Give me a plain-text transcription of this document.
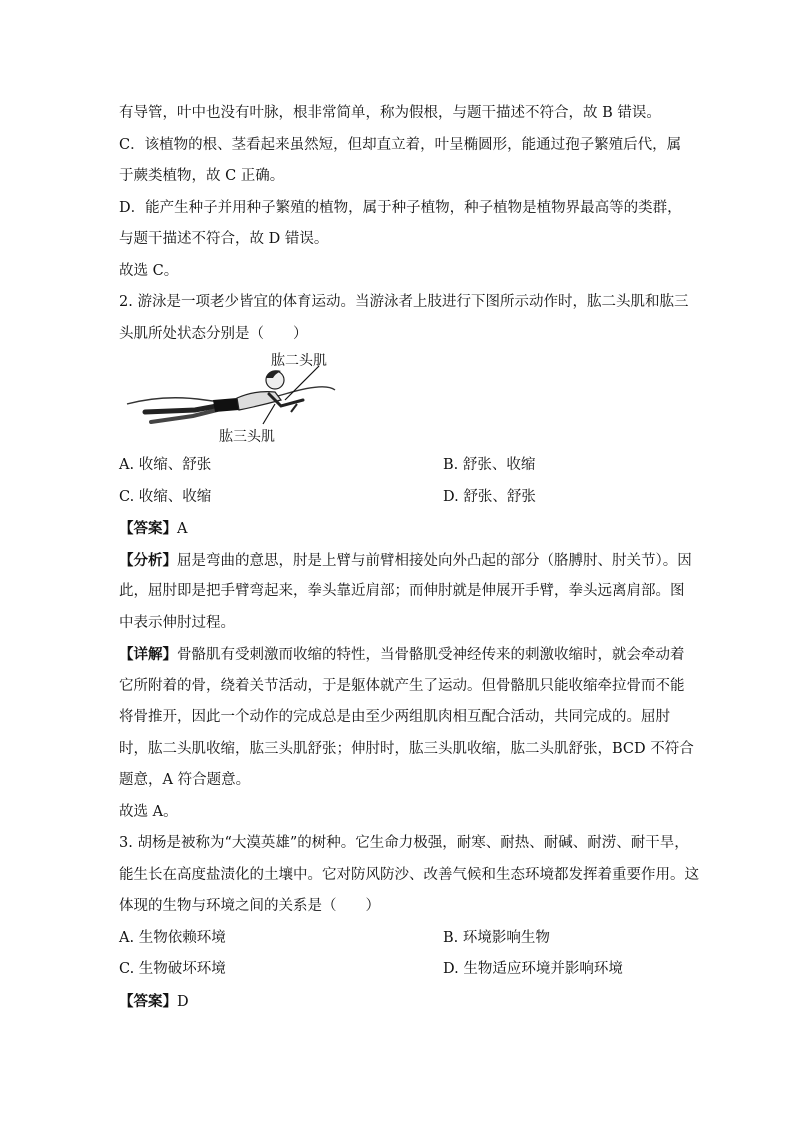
有导管，叶中也没有叶脉，根非常简单，称为假根，与题干描述不符合，故 B 错误。
C．该植物的根、茎看起来虽然短，但却直立着，叶呈椭圆形，能通过孢子繁殖后代，属
于蕨类植物，故 C 正确。
D．能产生种子并用种子繁殖的植物，属于种子植物，种子植物是植物界最高等的类群，
与题干描述不符合，故 D 错误。
故选 C。
2. 游泳是一项老少皆宜的体育运动。当游泳者上肢进行下图所示动作时，肱二头肌和肱三
头肌所处状态分别是（　　）
肱二头肌
肱三头肌
A. 收缩、舒张	B. 舒张、收缩
C. 收缩、收缩	D. 舒张、舒张
【答案】A
【分析】屈是弯曲的意思，肘是上臂与前臂相接处向外凸起的部分（胳膊肘、肘关节）。因
此，屈肘即是把手臂弯起来，拳头靠近肩部；而伸肘就是伸展开手臂，拳头远离肩部。图
中表示伸肘过程。
【详解】骨骼肌有受刺激而收缩的特性，当骨骼肌受神经传来的刺激收缩时，就会牵动着
它所附着的骨，绕着关节活动，于是躯体就产生了运动。但骨骼肌只能收缩牵拉骨而不能
将骨推开，因此一个动作的完成总是由至少两组肌肉相互配合活动，共同完成的。屈肘
时，肱二头肌收缩，肱三头肌舒张；伸肘时，肱三头肌收缩，肱二头肌舒张，BCD 不符合
题意，A 符合题意。
故选 A。
3. 胡杨是被称为“大漠英雄”的树种。它生命力极强，耐寒、耐热、耐碱、耐涝、耐干旱，
能生长在高度盐渍化的土壤中。它对防风防沙、改善气候和生态环境都发挥着重要作用。这
体现的生物与环境之间的关系是（　　）
A. 生物依赖环境	B. 环境影响生物
C. 生物破坏环境	D. 生物适应环境并影响环境
【答案】D
